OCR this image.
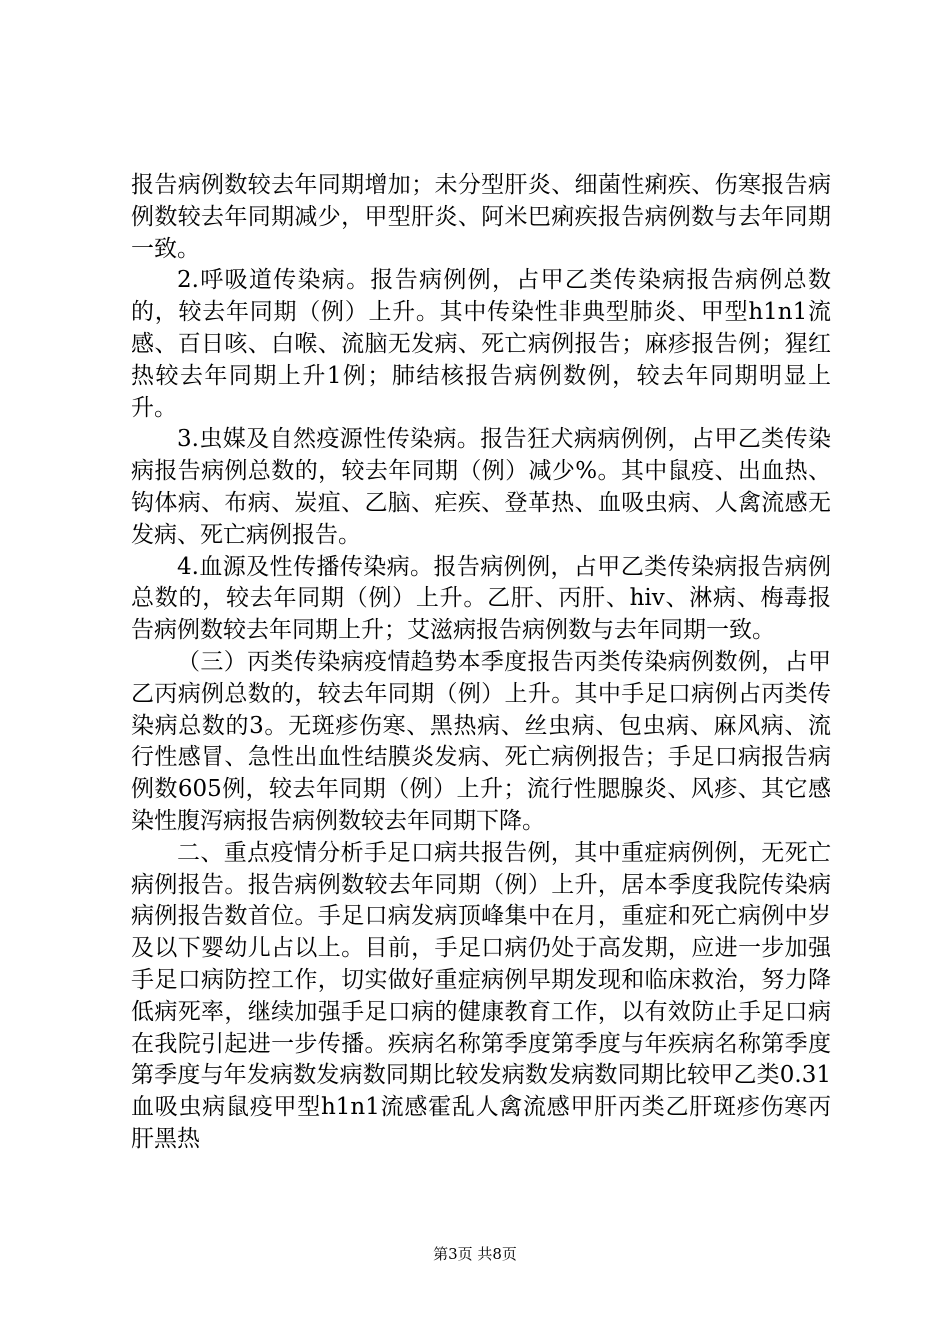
报告病例数较去年同期增加；未分型肝炎、细菌性痢疾、伤寒报告病例数较去年同期减少，甲型肝炎、阿米巴痢疾报告病例数与去年同期一致。

2.呼吸道传染病。报告病例例，占甲乙类传染病报告病例总数的，较去年同期（例）上升。其中传染性非典型肺炎、甲型h1n1流感、百日咳、白喉、流脑无发病、死亡病例报告；麻疹报告例；猩红热较去年同期上升1例；肺结核报告病例数例，较去年同期明显上升。

3.虫媒及自然疫源性传染病。报告狂犬病病例例，占甲乙类传染病报告病例总数的，较去年同期（例）减少%。其中鼠疫、出血热、钩体病、布病、炭疽、乙脑、疟疾、登革热、血吸虫病、人禽流感无发病、死亡病例报告。

4.血源及性传播传染病。报告病例例，占甲乙类传染病报告病例总数的，较去年同期（例）上升。乙肝、丙肝、hiv、淋病、梅毒报告病例数较去年同期上升；艾滋病报告病例数与去年同期一致。

（三）丙类传染病疫情趋势本季度报告丙类传染病例数例，占甲乙丙病例总数的，较去年同期（例）上升。其中手足口病例占丙类传染病总数的3。无斑疹伤寒、黑热病、丝虫病、包虫病、麻风病、流行性感冒、急性出血性结膜炎发病、死亡病例报告；手足口病报告病例数605例，较去年同期（例）上升；流行性腮腺炎、风疹、其它感染性腹泻病报告病例数较去年同期下降。

二、重点疫情分析手足口病共报告例，其中重症病例例，无死亡病例报告。报告病例数较去年同期（例）上升，居本季度我院传染病病例报告数首位。手足口病发病顶峰集中在月，重症和死亡病例中岁及以下婴幼儿占以上。目前，手足口病仍处于高发期，应进一步加强手足口病防控工作，切实做好重症病例早期发现和临床救治，努力降低病死率，继续加强手足口病的健康教育工作，以有效防止手足口病在我院引起进一步传播。疾病名称第季度第季度与年疾病名称第季度第季度与年发病数发病数同期比较发病数发病数同期比较甲乙类0.31血吸虫病鼠疫甲型h1n1流感霍乱人禽流感甲肝丙类乙肝斑疹伤寒丙肝黑热

第3页 共8页
